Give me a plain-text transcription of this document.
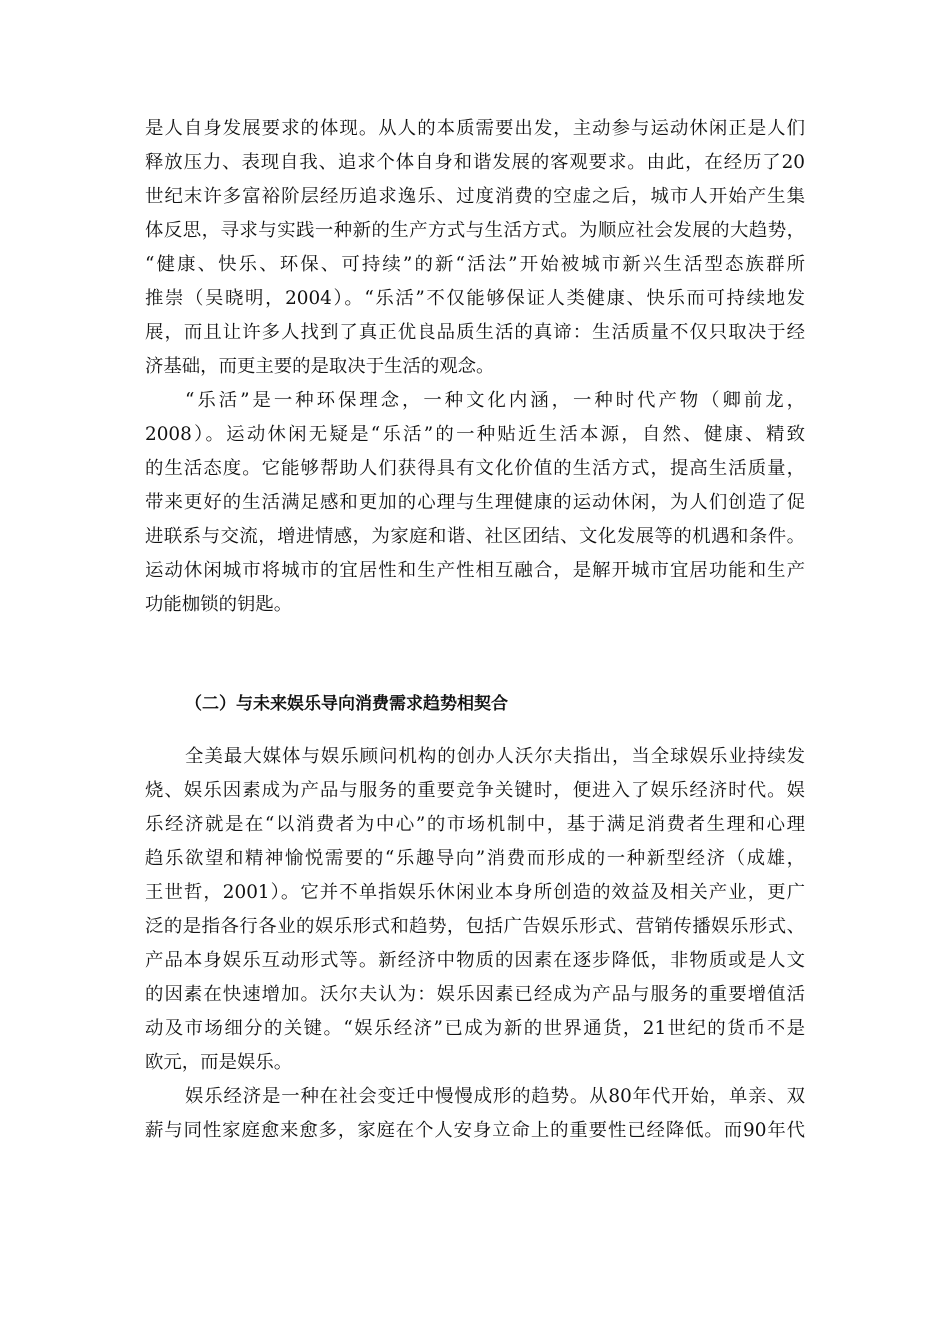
是人自身发展要求的体现。从人的本质需要出发，主动参与运动休闲正是人们
释放压力、表现自我、追求个体自身和谐发展的客观要求。由此，在经历了20
世纪末许多富裕阶层经历追求逸乐、过度消费的空虚之后，城市人开始产生集
体反思，寻求与实践一种新的生产方式与生活方式。为顺应社会发展的大趋势，
“健康、快乐、环保、可持续”的新“活法”开始被城市新兴生活型态族群所
推崇（吴晓明，2004）。“乐活”不仅能够保证人类健康、快乐而可持续地发
展，而且让许多人找到了真正优良品质生活的真谛：生活质量不仅只取决于经
济基础，而更主要的是取决于生活的观念。
“乐活”是一种环保理念，一种文化内涵，一种时代产物（卿前龙，
2008）。运动休闲无疑是“乐活”的一种贴近生活本源，自然、健康、精致
的生活态度。它能够帮助人们获得具有文化价值的生活方式，提高生活质量，
带来更好的生活满足感和更加的心理与生理健康的运动休闲，为人们创造了促
进联系与交流，增进情感，为家庭和谐、社区团结、文化发展等的机遇和条件。
运动休闲城市将城市的宜居性和生产性相互融合，是解开城市宜居功能和生产
功能枷锁的钥匙。
（二）与未来娱乐导向消费需求趋势相契合
全美最大媒体与娱乐顾问机构的创办人沃尔夫指出，当全球娱乐业持续发
烧、娱乐因素成为产品与服务的重要竞争关键时，便进入了娱乐经济时代。娱
乐经济就是在“以消费者为中心”的市场机制中，基于满足消费者生理和心理
趋乐欲望和精神愉悦需要的“乐趣导向”消费而形成的一种新型经济（成雄，
王世哲，2001）。它并不单指娱乐休闲业本身所创造的效益及相关产业，更广
泛的是指各行各业的娱乐形式和趋势，包括广告娱乐形式、营销传播娱乐形式、
产品本身娱乐互动形式等。新经济中物质的因素在逐步降低，非物质或是人文
的因素在快速增加。沃尔夫认为：娱乐因素已经成为产品与服务的重要增值活
动及市场细分的关键。“娱乐经济”已成为新的世界通货，21世纪的货币不是
欧元，而是娱乐。
娱乐经济是一种在社会变迁中慢慢成形的趋势。从80年代开始，单亲、双
薪与同性家庭愈来愈多，家庭在个人安身立命上的重要性已经降低。而90年代
